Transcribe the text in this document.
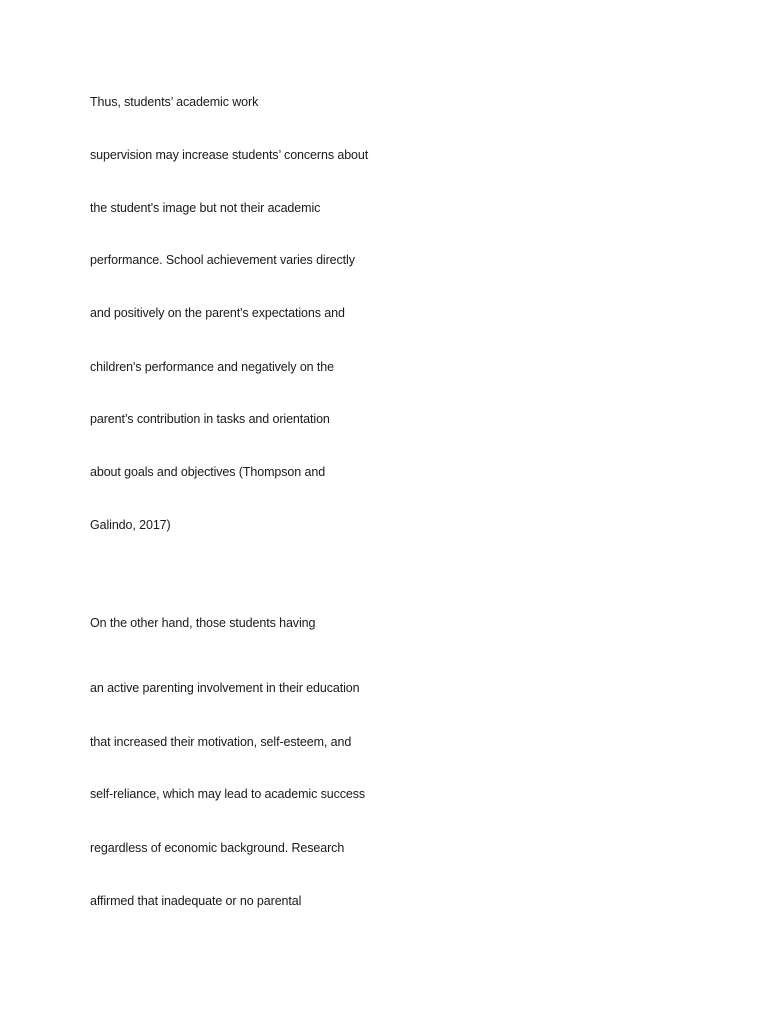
Thus, students’ academic work
supervision may increase students’ concerns about
the student's image but not their academic
performance. School achievement varies directly
and positively on the parent's expectations and
children's performance and negatively on the
parent’s contribution in tasks and orientation
about goals and objectives (Thompson and
Galindo, 2017)
On the other hand, those students having
an active parenting involvement in their education
that increased their motivation, self-esteem, and
self-reliance, which may lead to academic success
regardless of economic background. Research
affirmed that inadequate or no parental
